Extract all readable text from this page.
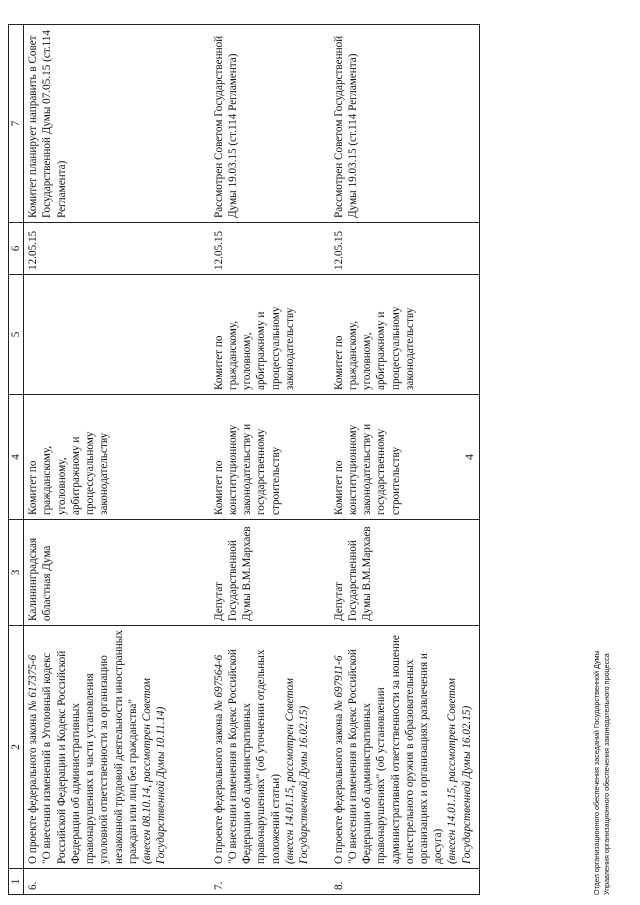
4
1	2	3	4	5	6	7
6.	О проекте федерального закона № 617375-6 "О внесении изменений в Уголовный кодекс Российской Федерации и Кодекс Российской Федерации об административных правонарушениях в части установления уголовной ответственности за организацию незаконной трудовой деятельности иностранных граждан или лиц без гражданства" (внесен 08.10.14, рассмотрен Советом Государственной Думы 10.11.14)	Калининградская областная Дума	Комитет по гражданскому, уголовному, арбитражному и процессуальному законодательству		12.05.15	Комитет планирует направить в Совет Государственной Думы 07.05.15 (ст.114 Регламента)
7.	О проекте федерального закона № 697564-6 "О внесении изменения в Кодекс Российской Федерации об административных правонарушениях" (об уточнении отдельных положений статьи) (внесен 14.01.15, рассмотрен Советом Государственной Думы 16.02.15)	Депутат Государственной Думы В.М.Мархаев	Комитет по конституционному законодательству и государственному строительству	Комитет по гражданскому, уголовному, арбитражному и процессуальному законодательству	12.05.15	Рассмотрен Советом Государственной Думы 19.03.15 (ст.114 Регламента)
8.	О проекте федерального закона № 697911-6 "О внесении изменения в Кодекс Российской Федерации об административных правонарушениях" (об установлении административной ответственности за ношение огнестрельного оружия в образовательных организациях и организациях развлечения и досуга) (внесен 14.01.15, рассмотрен Советом Государственной Думы 16.02.15)	Депутат Государственной Думы В.М.Мархаев	Комитет по конституционному законодательству и государственному строительству	Комитет по гражданскому, уголовному, арбитражному и процессуальному законодательству	12.05.15	Рассмотрен Советом Государственной Думы 19.03.15 (ст.114 Регламента)
Отдел организационного обеспечения заседаний Государственной Думы Управления организационного обеспечения законодательного процесса
